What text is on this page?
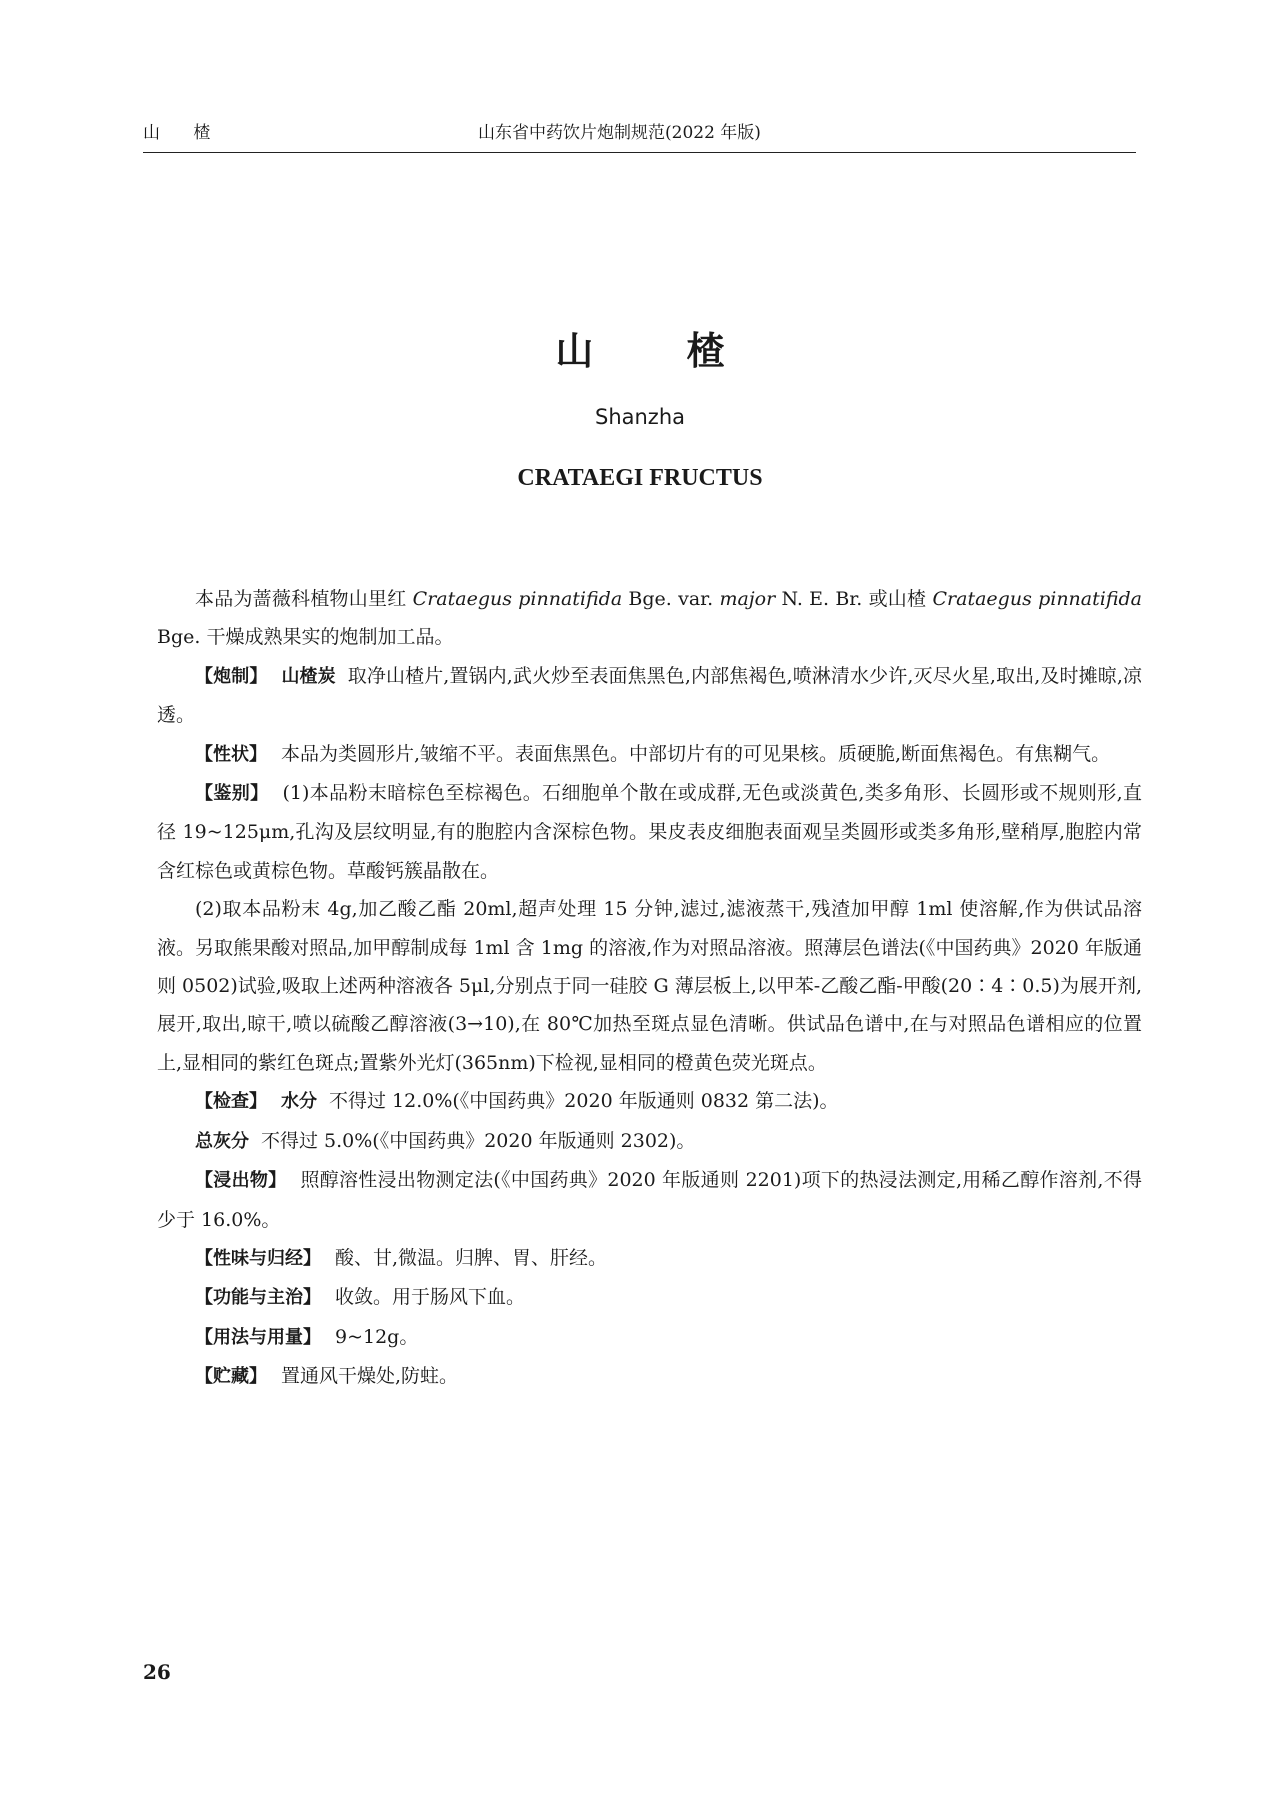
山 楂	山东省中药饮片炮制规范(2022 年版)
山 楂
Shanzha
CRATAEGI FRUCTUS

本品为蔷薇科植物山里红 Crataegus pinnatifida Bge. var. major N. E. Br. 或山楂 Crataegus pinnatifida Bge. 干燥成熟果实的炮制加工品。

【炮制】 山楂炭 取净山楂片,置锅内,武火炒至表面焦黑色,内部焦褐色,喷淋清水少许,灭尽火星,取出,及时摊晾,凉透。

【性状】 本品为类圆形片,皱缩不平。表面焦黑色。中部切片有的可见果核。质硬脆,断面焦褐色。有焦糊气。

【鉴别】 (1)本品粉末暗棕色至棕褐色。石细胞单个散在或成群,无色或淡黄色,类多角形、长圆形或不规则形,直径 19~125μm,孔沟及层纹明显,有的胞腔内含深棕色物。果皮表皮细胞表面观呈类圆形或类多角形,壁稍厚,胞腔内常含红棕色或黄棕色物。草酸钙簇晶散在。

(2)取本品粉末 4g,加乙酸乙酯 20ml,超声处理 15 分钟,滤过,滤液蒸干,残渣加甲醇 1ml 使溶解,作为供试品溶液。另取熊果酸对照品,加甲醇制成每 1ml 含 1mg 的溶液,作为对照品溶液。照薄层色谱法(《中国药典》2020 年版通则 0502)试验,吸取上述两种溶液各 5μl,分别点于同一硅胶 G 薄层板上,以甲苯-乙酸乙酯-甲酸(20∶4∶0.5)为展开剂,展开,取出,晾干,喷以硫酸乙醇溶液(3→10),在 80℃加热至斑点显色清晰。供试品色谱中,在与对照品色谱相应的位置上,显相同的紫红色斑点;置紫外光灯(365nm)下检视,显相同的橙黄色荧光斑点。

【检查】 水分 不得过 12.0%(《中国药典》2020 年版通则 0832 第二法)。

总灰分 不得过 5.0%(《中国药典》2020 年版通则 2302)。

【浸出物】 照醇溶性浸出物测定法(《中国药典》2020 年版通则 2201)项下的热浸法测定,用稀乙醇作溶剂,不得少于 16.0%。

【性味与归经】 酸、甘,微温。归脾、胃、肝经。

【功能与主治】 收敛。用于肠风下血。

【用法与用量】 9~12g。

【贮藏】 置通风干燥处,防蛀。

26
